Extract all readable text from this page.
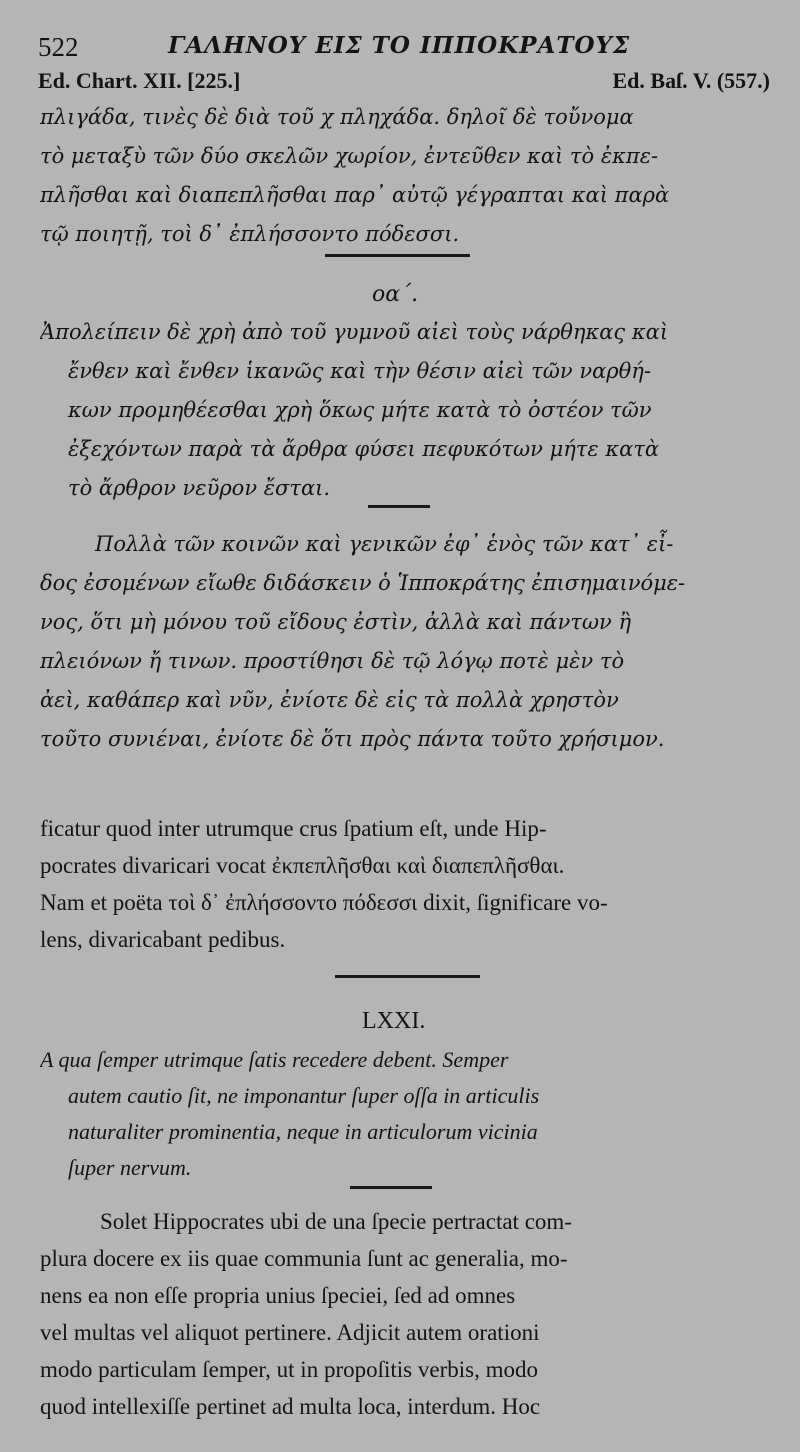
522	ΓΑΛΗΝΟΥ ΕΙΣ ΤΟ ΙΠΠΟΚΡΑΤΟΥΣ
Ed. Chart. XII. [225.]	Ed. Baſ. V. (557.)
πλιγάδα, τινὲς δὲ διὰ τοῦ χ πληχάδα. δηλοῖ δὲ τοὔνομα
τὸ μεταξὺ τῶν δύο σκελῶν χωρίον, ἐντεῦθεν καὶ τὸ ἐκπε-
πλῆσθαι καὶ διαπεπλῆσθαι παρ᾽ αὐτῷ γέγραπται καὶ παρὰ
τῷ ποιητῇ, τοὶ δ᾽ ἐπλήσσοντο πόδεσσι.
οα΄.
Ἀπολείπειν δὲ χρὴ ἀπὸ τοῦ γυμνοῦ αἰεὶ τοὺς νάρθηκας καὶ
ἔνθεν καὶ ἔνθεν ἱκανῶς καὶ τὴν θέσιν αἰεὶ τῶν ναρθή-
κων προμηθέεσθαι χρὴ ὅκως μήτε κατὰ τὸ ὀστέον τῶν
ἐξεχόντων παρὰ τὰ ἄρθρα φύσει πεφυκότων μήτε κατὰ
τὸ ἄρθρον νεῦρον ἔσται.
Πολλὰ τῶν κοινῶν καὶ γενικῶν ἐφ᾽ ἑνὸς τῶν κατ᾽ εἶ-
δος ἐσομένων εἴωθε διδάσκειν ὁ Ἱπποκράτης ἐπισημαινόμε-
νος, ὅτι μὴ μόνου τοῦ εἴδους ἐστὶν, ἀλλὰ καὶ πάντων ἢ
πλειόνων ἤ τινων. προστίθησι δὲ τῷ λόγῳ ποτὲ μὲν τὸ
ἀεὶ, καθάπερ καὶ νῦν, ἐνίοτε δὲ εἰς τὰ πολλὰ χρηστὸν
τοῦτο συνιέναι, ἐνίοτε δὲ ὅτι πρὸς πάντα τοῦτο χρήσιμον.
ficatur quod inter utrumque crus ſpatium eſt, unde Hip-
pocrates divaricari vocat ἐκπεπλῆσθαι καὶ διαπεπλῆσθαι.
Nam et poëta τοὶ δ᾽ ἐπλήσσοντο πόδεσσι dixit, ſignificare vo-
lens, divaricabant pedibus.
LXXI.
A qua ſemper utrimque ſatis recedere debent. Semper
autem cautio ſit, ne imponantur ſuper oſſa in articulis
naturaliter prominentia, neque in articulorum vicinia
ſuper nervum.
Solet Hippocrates ubi de una ſpecie pertractat com-
plura docere ex iis quae communia ſunt ac generalia, mo-
nens ea non eſſe propria unius ſpeciei, ſed ad omnes
vel multas vel aliquot pertinere. Adjicit autem orationi
modo particulam ſemper, ut in propoſitis verbis, modo
quod intellexiſſe pertinet ad multa loca, interdum. Hoc
